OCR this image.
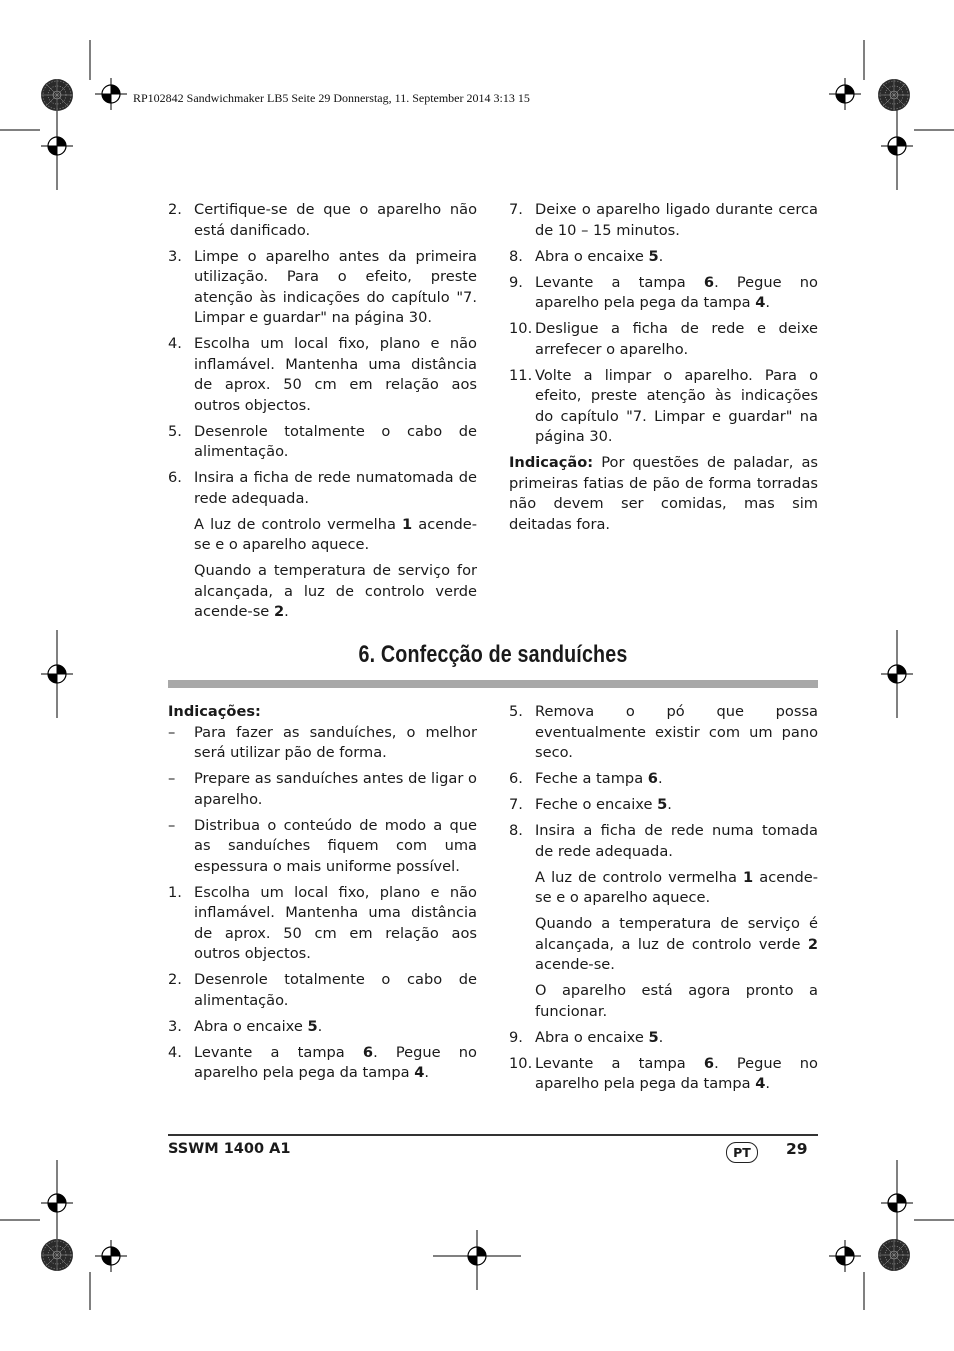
RP102842 Sandwichmaker LB5 Seite 29 Donnerstag, 11. September 2014 3:13 15
2. Certifique-se de que o aparelho não está danificado.
3. Limpe o aparelho antes da primeira utilização. Para o efeito, preste atenção às indicações do capítulo "7. Limpar e guardar" na página 30.
4. Escolha um local fixo, plano e não inflamável. Mantenha uma distância de aprox. 50 cm em relação aos outros objectos.
5. Desenrole totalmente o cabo de alimentação.
6. Insira a ficha de rede numatomada de rede adequada.
A luz de controlo vermelha 1 acende-se e o aparelho aquece.
Quando a temperatura de serviço for alcançada, a luz de controlo verde acende-se 2.
7. Deixe o aparelho ligado durante cerca de 10 – 15 minutos.
8. Abra o encaixe 5.
9. Levante a tampa 6. Pegue no aparelho pela pega da tampa 4.
10. Desligue a ficha de rede e deixe arrefecer o aparelho.
11. Volte a limpar o aparelho. Para o efeito, preste atenção às indicações do capítulo "7. Limpar e guardar" na página 30.
Indicação: Por questões de paladar, as primeiras fatias de pão de forma torradas não devem ser comidas, mas sim deitadas fora.
6. Confecção de sanduíches
Indicações:
–	Para fazer as sanduíches, o melhor será utilizar pão de forma.
–	Prepare as sanduíches antes de ligar o aparelho.
–	Distribua o conteúdo de modo a que as sanduíches fiquem com uma espessura o mais uniforme possível.
1. Escolha um local fixo, plano e não inflamável. Mantenha uma distância de aprox. 50 cm em relação aos outros objectos.
2. Desenrole totalmente o cabo de alimentação.
3. Abra o encaixe 5.
4. Levante a tampa 6. Pegue no aparelho pela pega da tampa 4.
5. Remova o pó que possa eventualmente existir com um pano seco.
6. Feche a tampa 6.
7. Feche o encaixe 5.
8. Insira a ficha de rede numa tomada de rede adequada.
A luz de controlo vermelha 1 acende-se e o aparelho aquece.
Quando a temperatura de serviço é alcançada, a luz de controlo verde 2 acende-se.
O aparelho está agora pronto a funcionar.
9. Abra o encaixe 5.
10. Levante a tampa 6. Pegue no aparelho pela pega da tampa 4.
SSWM 1400 A1	PT	29
